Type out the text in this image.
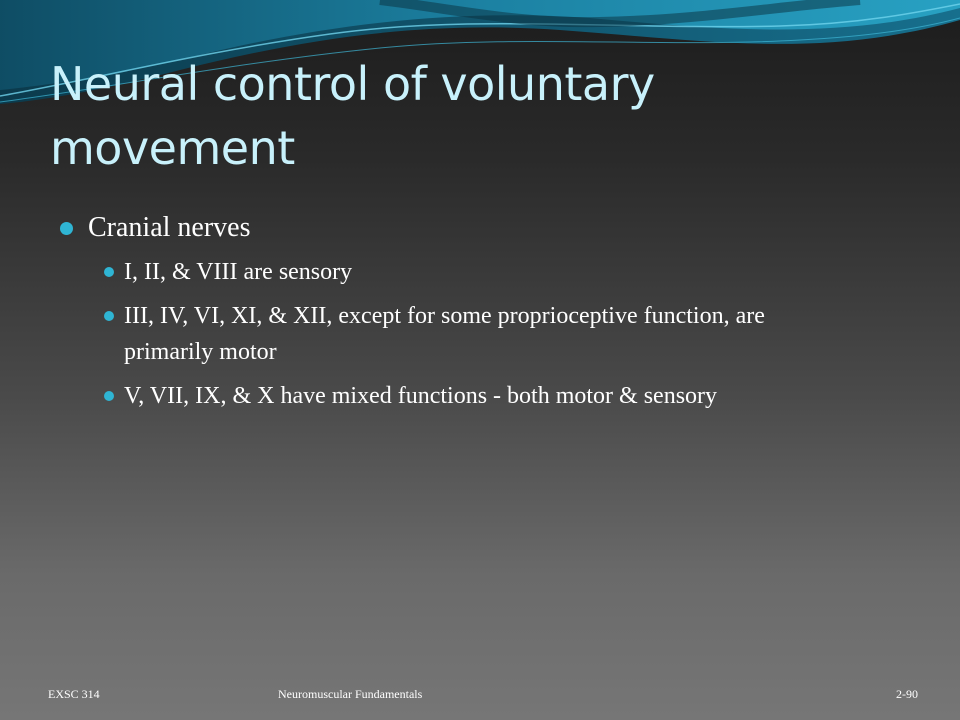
Neural control of voluntary movement
Cranial nerves
I, II, & VIII are sensory
III, IV, VI, XI, & XII, except for some proprioceptive function, are primarily motor
V, VII, IX, & X have mixed functions - both motor & sensory
EXSC 314	Neuromuscular Fundamentals	2-90
